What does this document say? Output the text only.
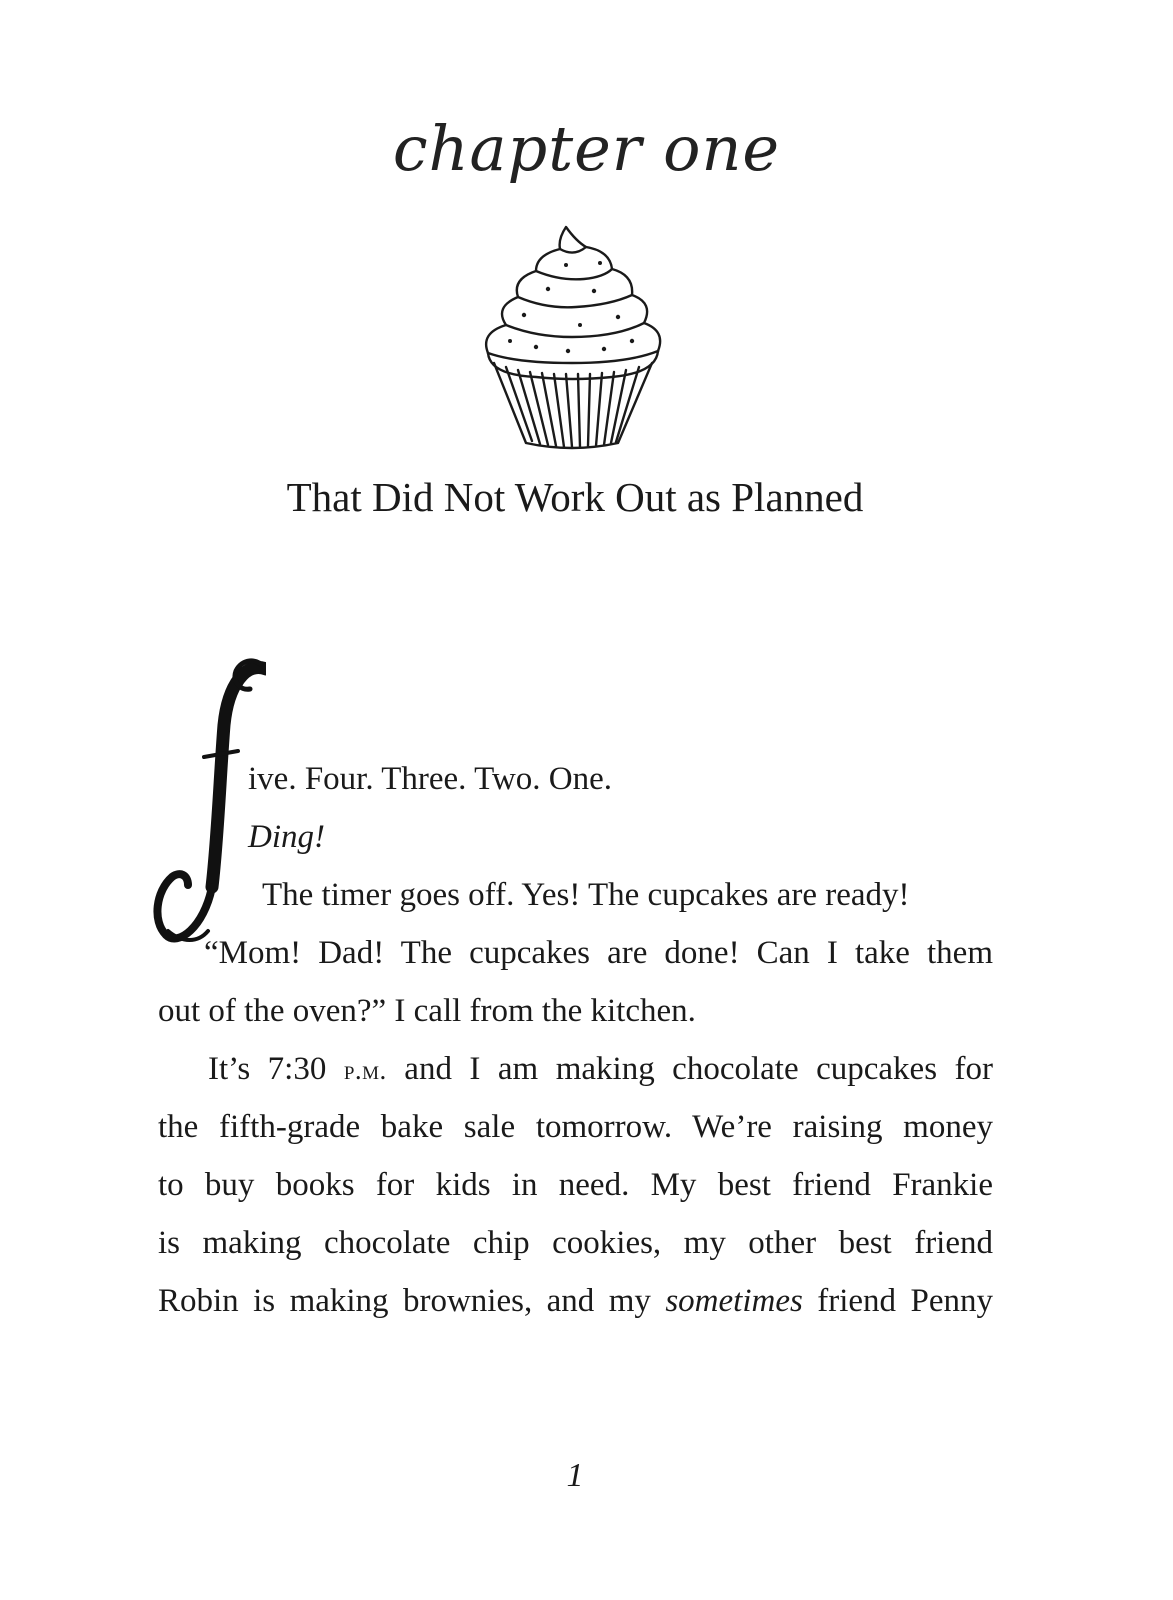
chapter one
That Did Not Work Out as Planned
ive. Four. Three. Two. One.
Ding!
The timer goes off. Yes! The cupcakes are ready!
“Mom! Dad! The cupcakes are done! Can I take them
out of the oven?” I call from the kitchen.
It’s 7:30 p.m. and I am making chocolate cupcakes for
the fifth-grade bake sale tomorrow. We’re raising money
to buy books for kids in need. My best friend Frankie
is making chocolate chip cookies, my other best friend
Robin is making brownies, and my sometimes friend Penny
1
